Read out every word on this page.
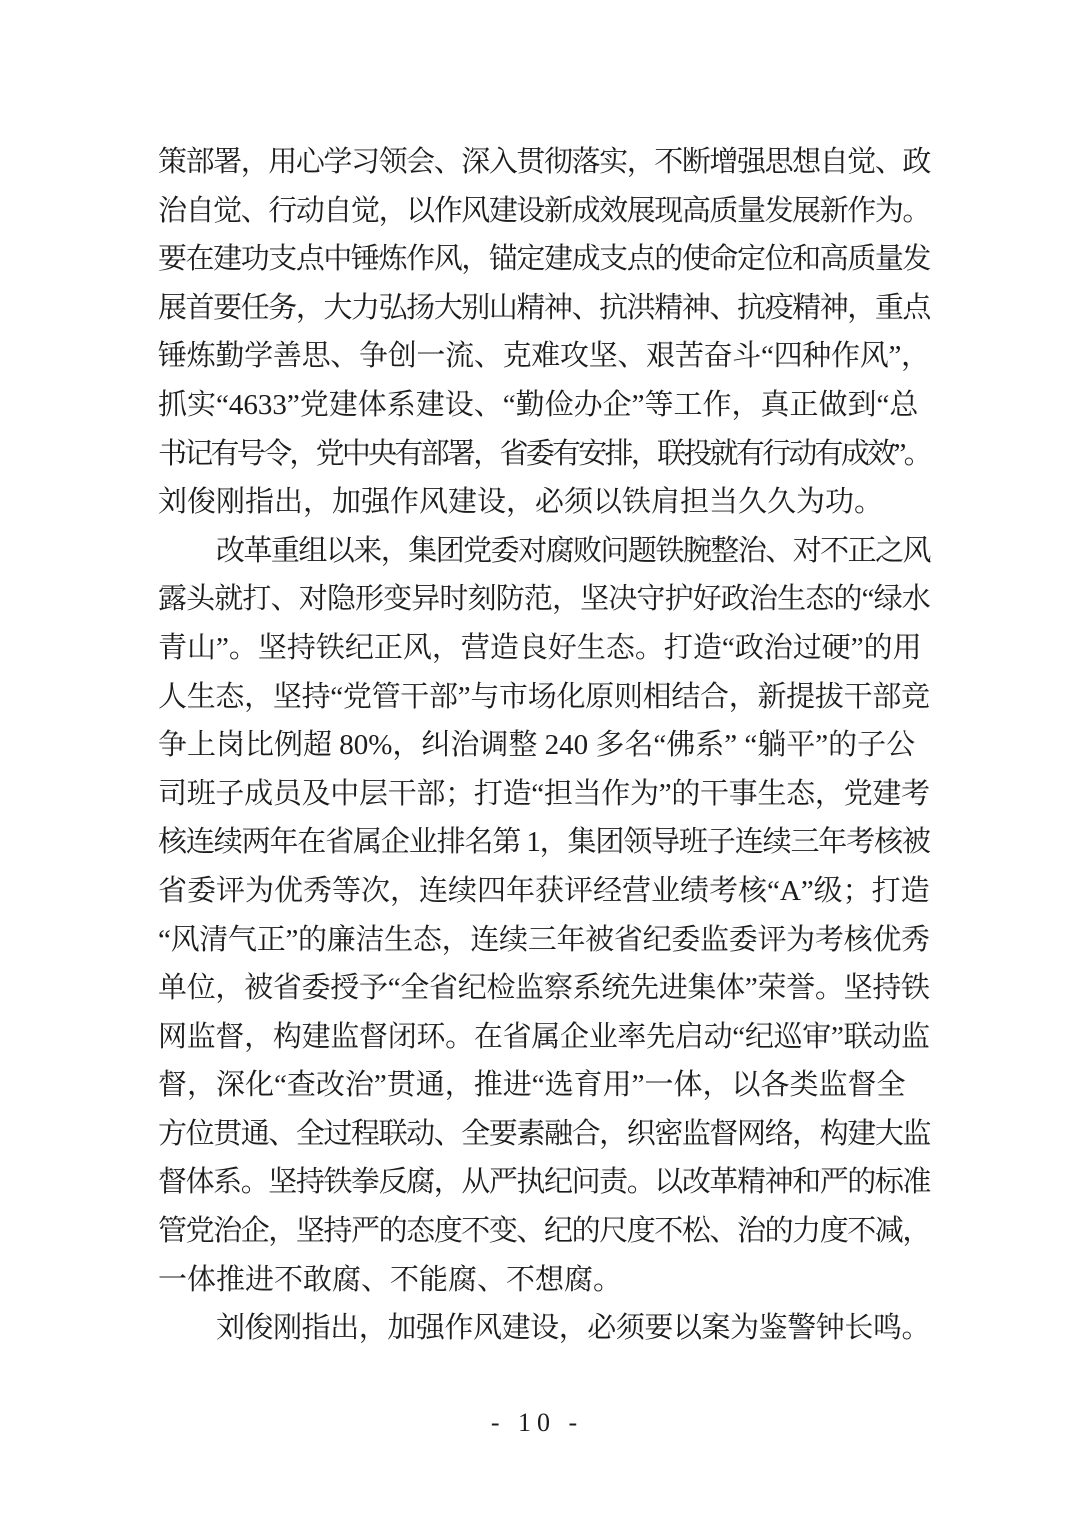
策部署，用心学习领会、深入贯彻落实，不断增强思想自觉、政
治自觉、行动自觉，以作风建设新成效展现高质量发展新作为。
要在建功支点中锤炼作风，锚定建成支点的使命定位和高质量发
展首要任务，大力弘扬大别山精神、抗洪精神、抗疫精神，重点
锤炼勤学善思、争创一流、克难攻坚、艰苦奋斗“四种作风”，
抓实“4633”党建体系建设、“勤俭办企”等工作，真正做到“总
书记有号令，党中央有部署，省委有安排，联投就有行动有成效”。
刘俊刚指出，加强作风建设，必须以铁肩担当久久为功。
改革重组以来，集团党委对腐败问题铁腕整治、对不正之风
露头就打、对隐形变异时刻防范，坚决守护好政治生态的“绿水
青山”。坚持铁纪正风，营造良好生态。打造“政治过硬”的用
人生态，坚持“党管干部”与市场化原则相结合，新提拔干部竞
争上岗比例超 80%，纠治调整 240 多名“佛系” “躺平”的子公
司班子成员及中层干部；打造“担当作为”的干事生态，党建考
核连续两年在省属企业排名第 1，集团领导班子连续三年考核被
省委评为优秀等次，连续四年获评经营业绩考核“A”级；打造
“风清气正”的廉洁生态，连续三年被省纪委监委评为考核优秀
单位，被省委授予“全省纪检监察系统先进集体”荣誉。坚持铁
网监督，构建监督闭环。在省属企业率先启动“纪巡审”联动监
督，深化“查改治”贯通，推进“选育用”一体，以各类监督全
方位贯通、全过程联动、全要素融合，织密监督网络，构建大监
督体系。坚持铁拳反腐，从严执纪问责。以改革精神和严的标准
管党治企，坚持严的态度不变、纪的尺度不松、治的力度不减，
一体推进不敢腐、不能腐、不想腐。
刘俊刚指出，加强作风建设，必须要以案为鉴警钟长鸣。
- 10 -
